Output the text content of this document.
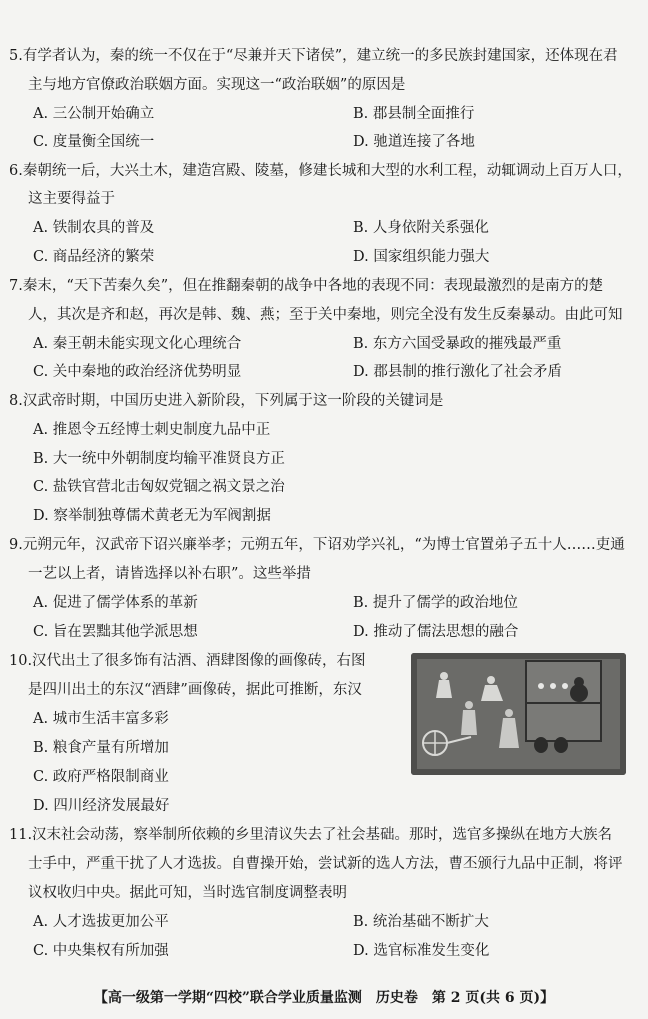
5.有学者认为，秦的统一不仅在于“尽兼并天下诸侯”，建立统一的多民族封建国家，还体现在君
主与地方官僚政治联姻方面。实现这一“政治联姻”的原因是
A. 三公制开始确立	B. 郡县制全面推行
C. 度量衡全国统一	D. 驰道连接了各地
6.秦朝统一后，大兴土木，建造宫殿、陵墓，修建长城和大型的水利工程，动辄调动上百万人口，
这主要得益于
A. 铁制农具的普及	B. 人身依附关系强化
C. 商品经济的繁荣	D. 国家组织能力强大
7.秦末，“天下苦秦久矣”，但在推翻秦朝的战争中各地的表现不同：表现最激烈的是南方的楚
人，其次是齐和赵，再次是韩、魏、燕；至于关中秦地，则完全没有发生反秦暴动。由此可知
A. 秦王朝未能实现文化心理统合	B. 东方六国受暴政的摧残最严重
C. 关中秦地的政治经济优势明显	D. 郡县制的推行激化了社会矛盾
8.汉武帝时期，中国历史进入新阶段，下列属于这一阶段的关键词是
A. 推恩令五经博士刺史制度九品中正
B. 大一统中外朝制度均输平准贤良方正
C. 盐铁官营北击匈奴党锢之祸文景之治
D. 察举制独尊儒术黄老无为军阀割据
9.元朔元年，汉武帝下诏兴廉举孝；元朔五年，下诏劝学兴礼，“为博士官置弟子五十人……吏通
一艺以上者，请皆选择以补右职”。这些举措
A. 促进了儒学体系的革新	B. 提升了儒学的政治地位
C. 旨在罢黜其他学派思想	D. 推动了儒法思想的融合
10.汉代出土了很多饰有沽酒、酒肆图像的画像砖，右图
是四川出土的东汉“酒肆”画像砖，据此可推断，东汉
A. 城市生活丰富多彩
B. 粮食产量有所增加
C. 政府严格限制商业
D. 四川经济发展最好
11.汉末社会动荡，察举制所依赖的乡里清议失去了社会基础。那时，选官多操纵在地方大族名
士手中，严重干扰了人才选拔。自曹操开始，尝试新的选人方法，曹丕颁行九品中正制，将评
议权收归中央。据此可知，当时选官制度调整表明
A. 人才选拔更加公平	B. 统治基础不断扩大
C. 中央集权有所加强	D. 选官标准发生变化
【高一级第一学期“四校”联合学业质量监测　历史卷　第 2 页(共 6 页)】
